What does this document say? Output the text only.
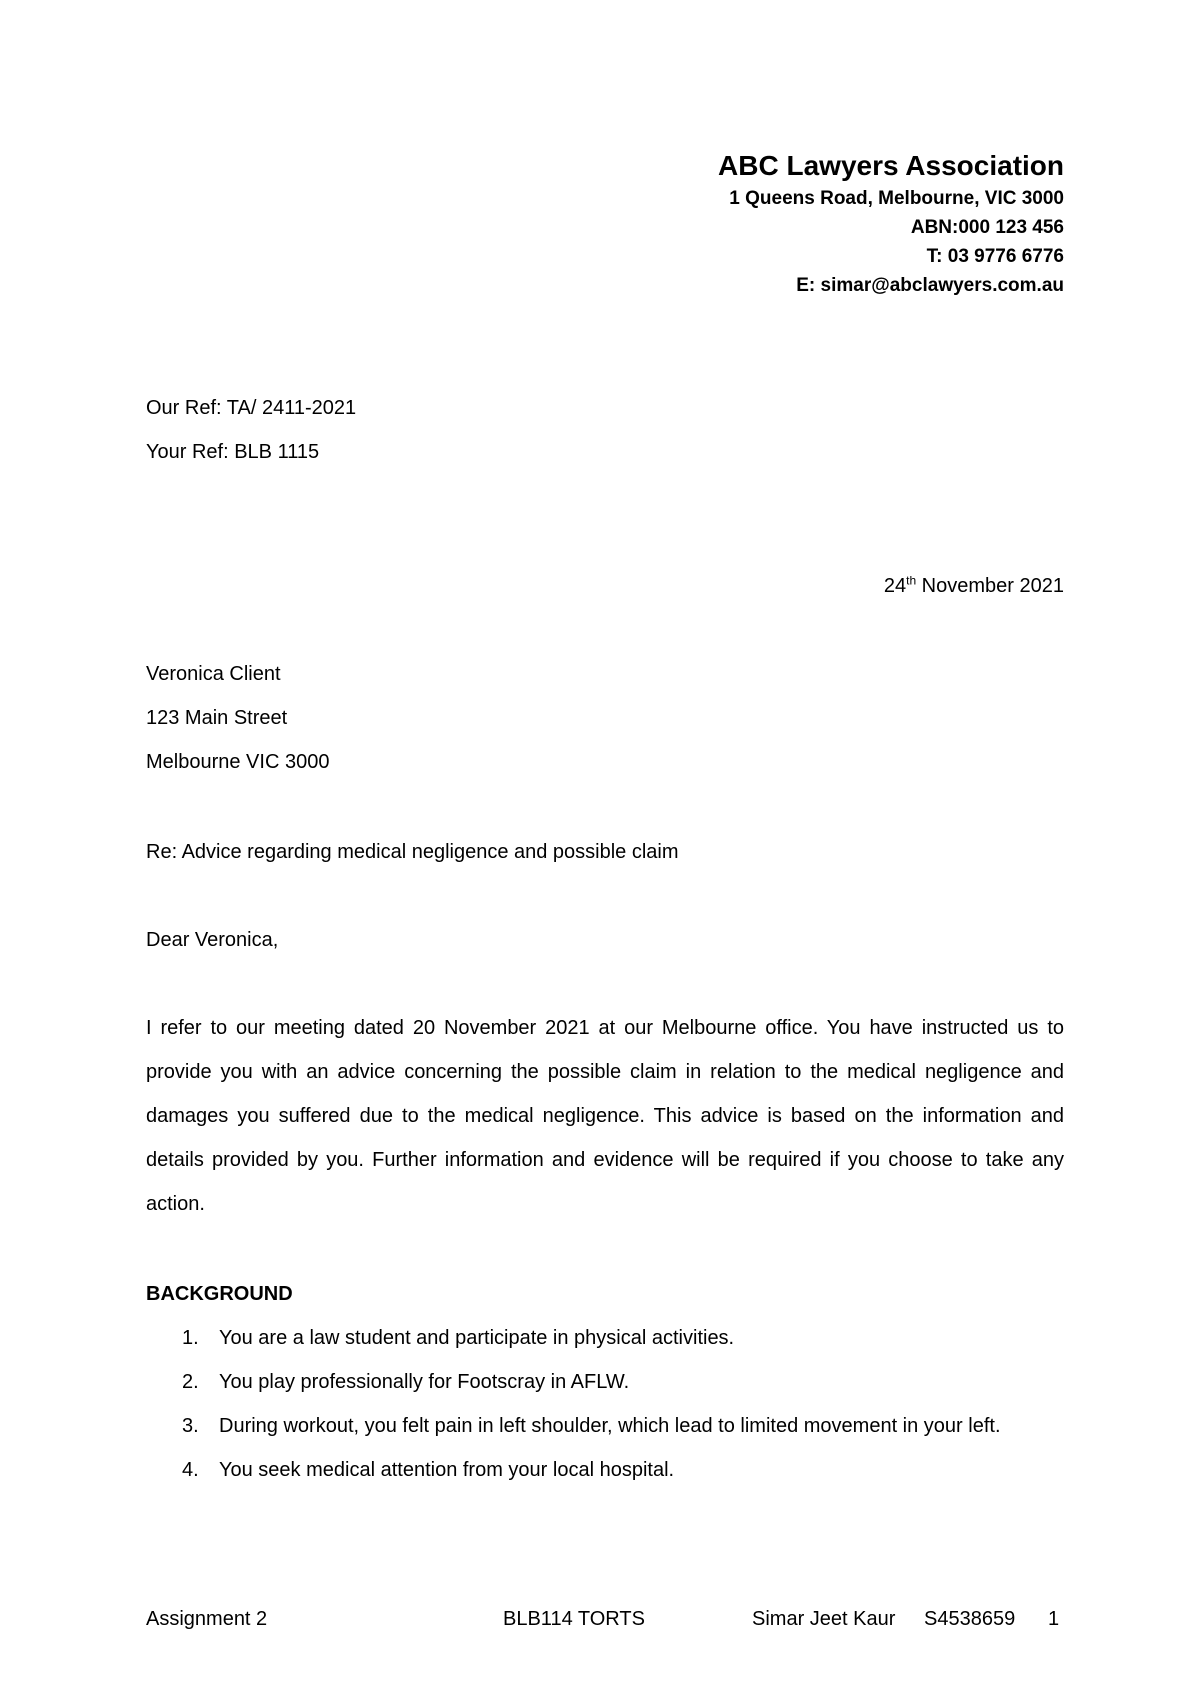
ABC Lawyers Association
1 Queens Road, Melbourne, VIC 3000
ABN:000 123 456
T: 03 9776 6776
E: simar@abclawyers.com.au
Our Ref: TA/ 2411-2021
Your Ref: BLB 1115
24th November 2021
Veronica Client
123 Main Street
Melbourne VIC 3000
Re: Advice regarding medical negligence and possible claim
Dear Veronica,
I refer to our meeting dated 20 November 2021 at our Melbourne office. You have instructed us to provide you with an advice concerning the possible claim in relation to the medical negligence and damages you suffered due to the medical negligence. This advice is based on the information and details provided by you. Further information and evidence will be required if you choose to take any action.
BACKGROUND
1. You are a law student and participate in physical activities.
2. You play professionally for Footscray in AFLW.
3. During workout, you felt pain in left shoulder, which lead to limited movement in your left.
4. You seek medical attention from your local hospital.
Assignment 2	BLB114 TORTS	Simar Jeet Kaur S4538659 1
